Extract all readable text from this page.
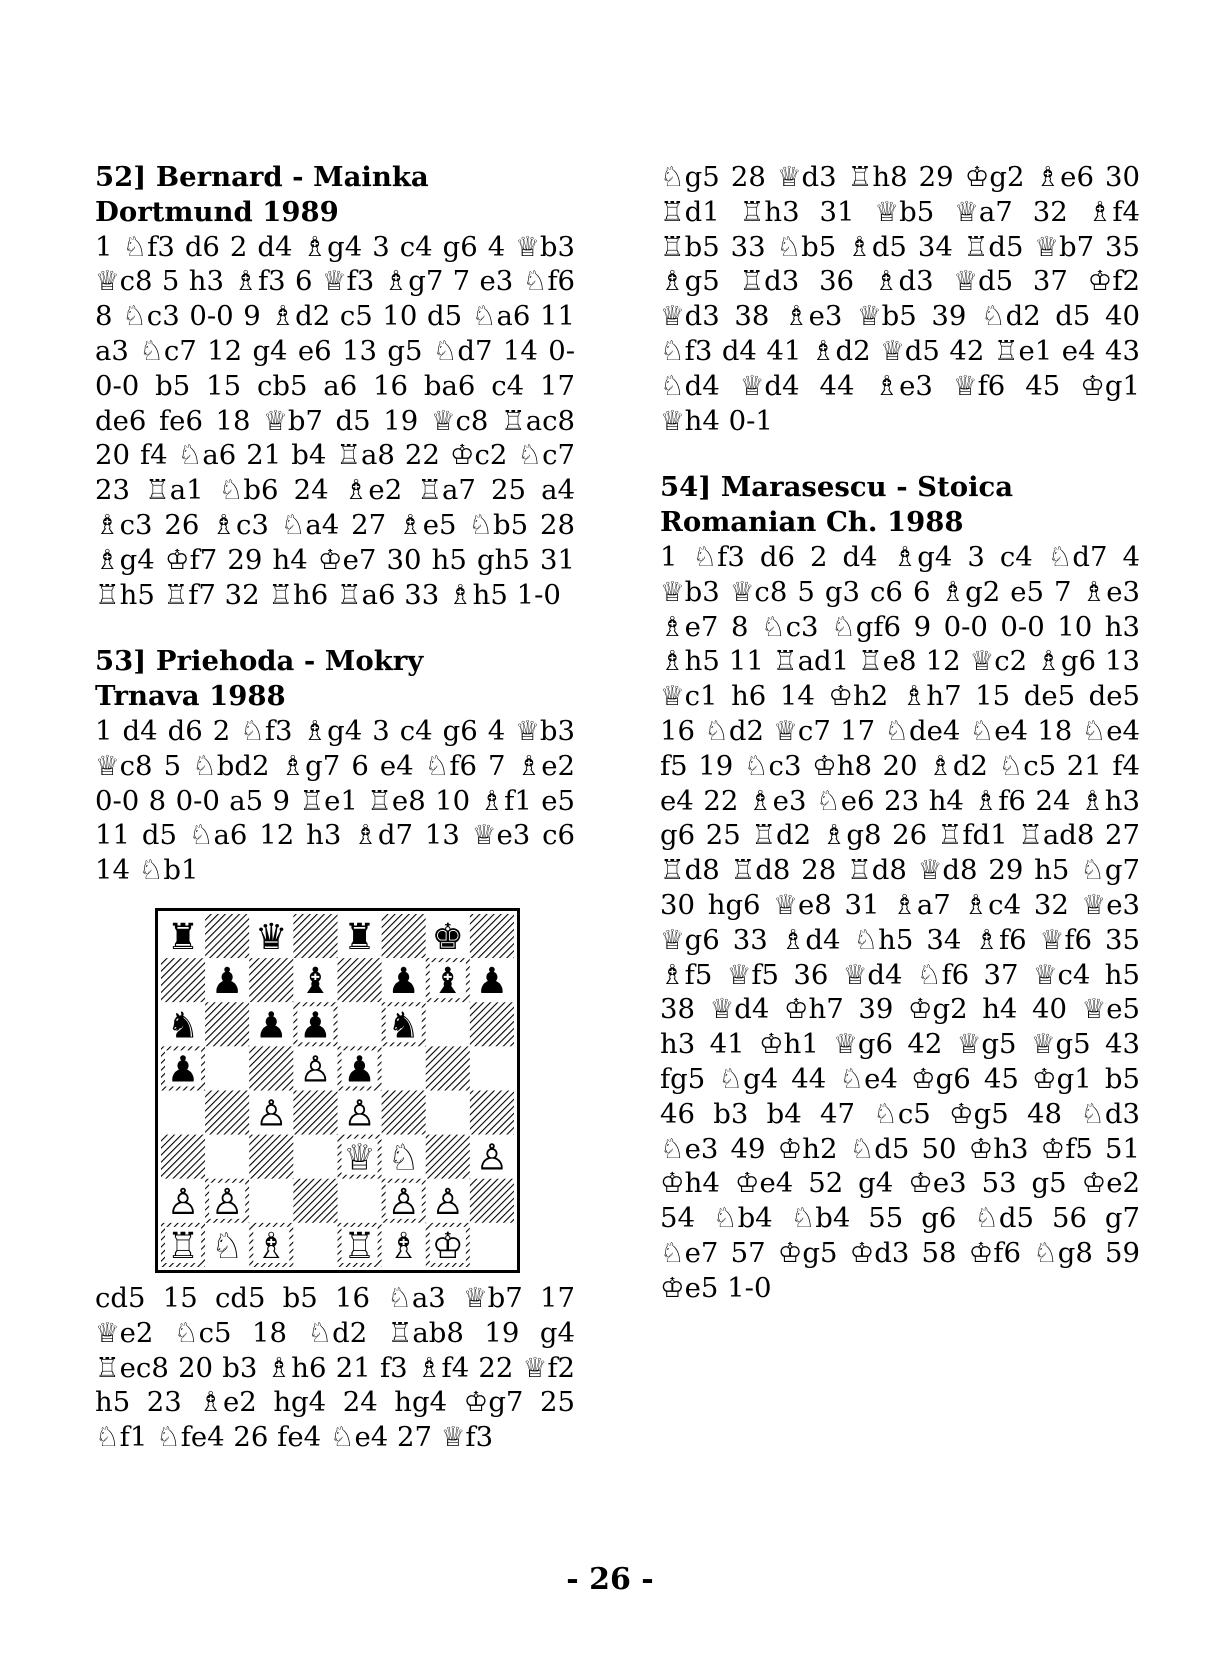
52] Bernard - Mainka
Dortmund 1989
1 ♘f3 d6 2 d4 ♗g4 3 c4 g6 4 ♕b3 ♕c8 5 h3 ♗f3 6 ♕f3 ♗g7 7 e3 ♘f6 8 ♘c3 0-0 9 ♗d2 c5 10 d5 ♘a6 11 a3 ♘c7 12 g4 e6 13 g5 ♘d7 14 0-0-0 b5 15 cb5 a6 16 ba6 c4 17 de6 fe6 18 ♕b7 d5 19 ♕c8 ♖ac8 20 f4 ♘a6 21 b4 ♖a8 22 ♔c2 ♘c7 23 ♖a1 ♘b6 24 ♗e2 ♖a7 25 a4 ♗c3 26 ♗c3 ♘a4 27 ♗e5 ♘b5 28 ♗g4 ♔f7 29 h4 ♔e7 30 h5 gh5 31 ♖h5 ♖f7 32 ♖h6 ♖a6 33 ♗h5 1-0
53] Priehoda - Mokry
Trnava 1988
1 d4 d6 2 ♘f3 ♗g4 3 c4 g6 4 ♕b3 ♕c8 5 ♘bd2 ♗g7 6 e4 ♘f6 7 ♗e2 0-0 8 0-0 a5 9 ♖e1 ♖e8 10 ♗f1 e5 11 d5 ♘a6 12 h3 ♗d7 13 ♕e3 c6 14 ♘b1
♜ ♛ ♜ ♚
♟ ♝ ♟ ♝ ♟
♞ ♟ ♟ ♞
♟	♙ ♟
♙ ♙
♕ ♘ ♙
♙ ♙	♙ ♙
♖ ♘ ♗ ♖ ♗ ♔
cd5 15 cd5 b5 16 ♘a3 ♕b7 17 ♕e2 ♘c5 18 ♘d2 ♖ab8 19 g4 ♖ec8 20 b3 ♗h6 21 f3 ♗f4 22 ♕f2 h5 23 ♗e2 hg4 24 hg4 ♔g7 25 ♘f1 ♘fe4 26 fe4 ♘e4 27 ♕f3
♘g5 28 ♕d3 ♖h8 29 ♔g2 ♗e6 30 ♖d1 ♖h3 31 ♕b5 ♕a7 32 ♗f4 ♖b5 33 ♘b5 ♗d5 34 ♖d5 ♕b7 35 ♗g5 ♖d3 36 ♗d3 ♕d5 37 ♔f2 ♕d3 38 ♗e3 ♕b5 39 ♘d2 d5 40 ♘f3 d4 41 ♗d2 ♕d5 42 ♖e1 e4 43 ♘d4 ♕d4 44 ♗e3 ♕f6 45 ♔g1 ♕h4 0-1
54] Marasescu - Stoica
Romanian Ch. 1988
1 ♘f3 d6 2 d4 ♗g4 3 c4 ♘d7 4 ♕b3 ♕c8 5 g3 c6 6 ♗g2 e5 7 ♗e3 ♗e7 8 ♘c3 ♘gf6 9 0-0 0-0 10 h3 ♗h5 11 ♖ad1 ♖e8 12 ♕c2 ♗g6 13 ♕c1 h6 14 ♔h2 ♗h7 15 de5 de5 16 ♘d2 ♕c7 17 ♘de4 ♘e4 18 ♘e4 f5 19 ♘c3 ♔h8 20 ♗d2 ♘c5 21 f4 e4 22 ♗e3 ♘e6 23 h4 ♗f6 24 ♗h3 g6 25 ♖d2 ♗g8 26 ♖fd1 ♖ad8 27 ♖d8 ♖d8 28 ♖d8 ♕d8 29 h5 ♘g7 30 hg6 ♕e8 31 ♗a7 ♗c4 32 ♕e3 ♕g6 33 ♗d4 ♘h5 34 ♗f6 ♕f6 35 ♗f5 ♕f5 36 ♕d4 ♘f6 37 ♕c4 h5 38 ♕d4 ♔h7 39 ♔g2 h4 40 ♕e5 h3 41 ♔h1 ♕g6 42 ♕g5 ♕g5 43 fg5 ♘g4 44 ♘e4 ♔g6 45 ♔g1 b5 46 b3 b4 47 ♘c5 ♔g5 48 ♘d3 ♘e3 49 ♔h2 ♘d5 50 ♔h3 ♔f5 51 ♔h4 ♔e4 52 g4 ♔e3 53 g5 ♔e2 54 ♘b4 ♘b4 55 g6 ♘d5 56 g7 ♘e7 57 ♔g5 ♔d3 58 ♔f6 ♘g8 59 ♔e5 1-0
- 26 -
